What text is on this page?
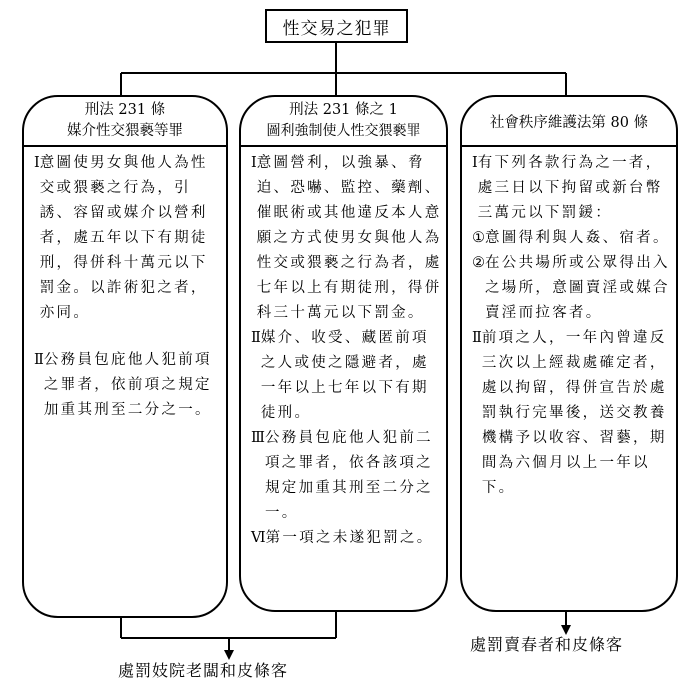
性交易之犯罪
刑法 231 條
媒介性交猥褻等罪
Ⅰ 意圖使男女與他人為性交或猥褻之行為，引誘、容留或媒介以營利者，處五年以下有期徒刑，得併科十萬元以下罰金。以詐術犯之者，亦同。
Ⅱ 公務員包庇他人犯前項之罪者，依前項之規定加重其刑至二分之一。
刑法 231 條之 1
圖利強制使人性交猥褻罪
Ⅰ 意圖營利，以強暴、脅迫、恐嚇、監控、藥劑、催眠術或其他違反本人意願之方式使男女與他人為性交或猥褻之行為者，處七年以上有期徒刑，得併科三十萬元以下罰金。
Ⅱ 媒介、收受、藏匿前項之人或使之隱避者，處一年以上七年以下有期徒刑。
Ⅲ 公務員包庇他人犯前二項之罪者，依各該項之規定加重其刑至二分之一。
Ⅵ 第一項之未遂犯罰之。
社會秩序維護法第 80 條
Ⅰ 有下列各款行為之一者，處三日以下拘留或新台幣三萬元以下罰鍰：
① 意圖得利與人姦、宿者。
② 在公共場所或公眾得出入之場所，意圖賣淫或媒合賣淫而拉客者。
Ⅱ 前項之人，一年內曾違反三次以上經裁處確定者，處以拘留，得併宣告於處罰執行完畢後，送交教養機構予以收容、習藝，期間為六個月以上一年以下。
處罰妓院老闆和皮條客
處罰賣春者和皮條客
